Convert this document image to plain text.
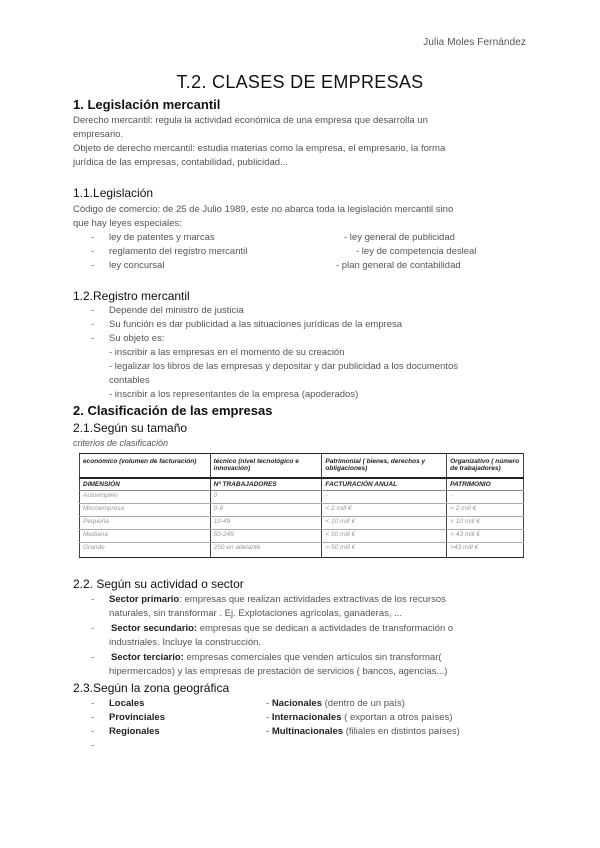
Julia Moles Fernández
T.2. CLASES DE EMPRESAS
1. Legislación mercantil
Derecho mercantil: regula la actividad económica de una empresa que desarrolla un
empresario.
Objeto de derecho mercantil: estudia materias como la empresa, el empresario, la forma
jurídica de las empresas, contabilidad, publicidad...
1.1.Legislación
Código de comercio: de 25 de Julio 1989, este no abarca toda la legislación mercantil sino
que hay leyes especiales:
- ley de patentes y marcas	- ley general de publicidad
- reglamento del registro mercantil	- ley de competencia desleal
- ley concursal	- plan general de contabilidad
1.2.Registro mercantil
- Depende del ministro de justicia
- Su función es dar publicidad a las situaciones jurídicas de la empresa
- Su objeto es:
- inscribir a las empresas en el momento de su creación
- legalizar los libros de las empresas y depositar y dar publicidad a los documentos
contables
- inscribir a los representantes de la empresa (apoderados)
2. Clasificación de las empresas
2.1.Según su tamaño
criterios de clasificación
económico (volumen de facturación)	técnico (nivel tecnológico e innovación)	Patrimonial ( bienes, derechos y obligaciones)	Organizativo ( número de trabajadores)
DIMENSIÓN	Nº TRABAJADORES	FACTURACIÓN ANUAL	PATRIMONIO
Autoempleo	0	-	-
Microempresa	0-9	< 2 mill €	< 2 mill €
Pequeña	10-49	< 10 mill €	< 10 mill €
Mediana	50-249	< 50 mill €	< 43 mill €
Grande	250 en adelante	> 50 mill €	>43 mill €
2.2. Según su actividad o sector
- Sector primario: empresas que realizan actividades extractivas de los recursos
naturales, sin transformar . Ej. Explotaciones agrícolas, ganaderas, ...
- Sector secundario: empresas que se dedican a actividades de transformación o
industriales. Incluye la construcción.
- Sector terciario: empresas comerciales que venden artículos sin transformar(
hipermercados) y las empresas de prestación de servicios ( bancos, agencias...)
2.3.Según la zona geográfica
- Locales	- Nacionales (dentro de un país)
- Provinciales	- Internacionales ( exportan a otros países)
- Regionales	- Multinacionales (filiales en distintos países)
-
